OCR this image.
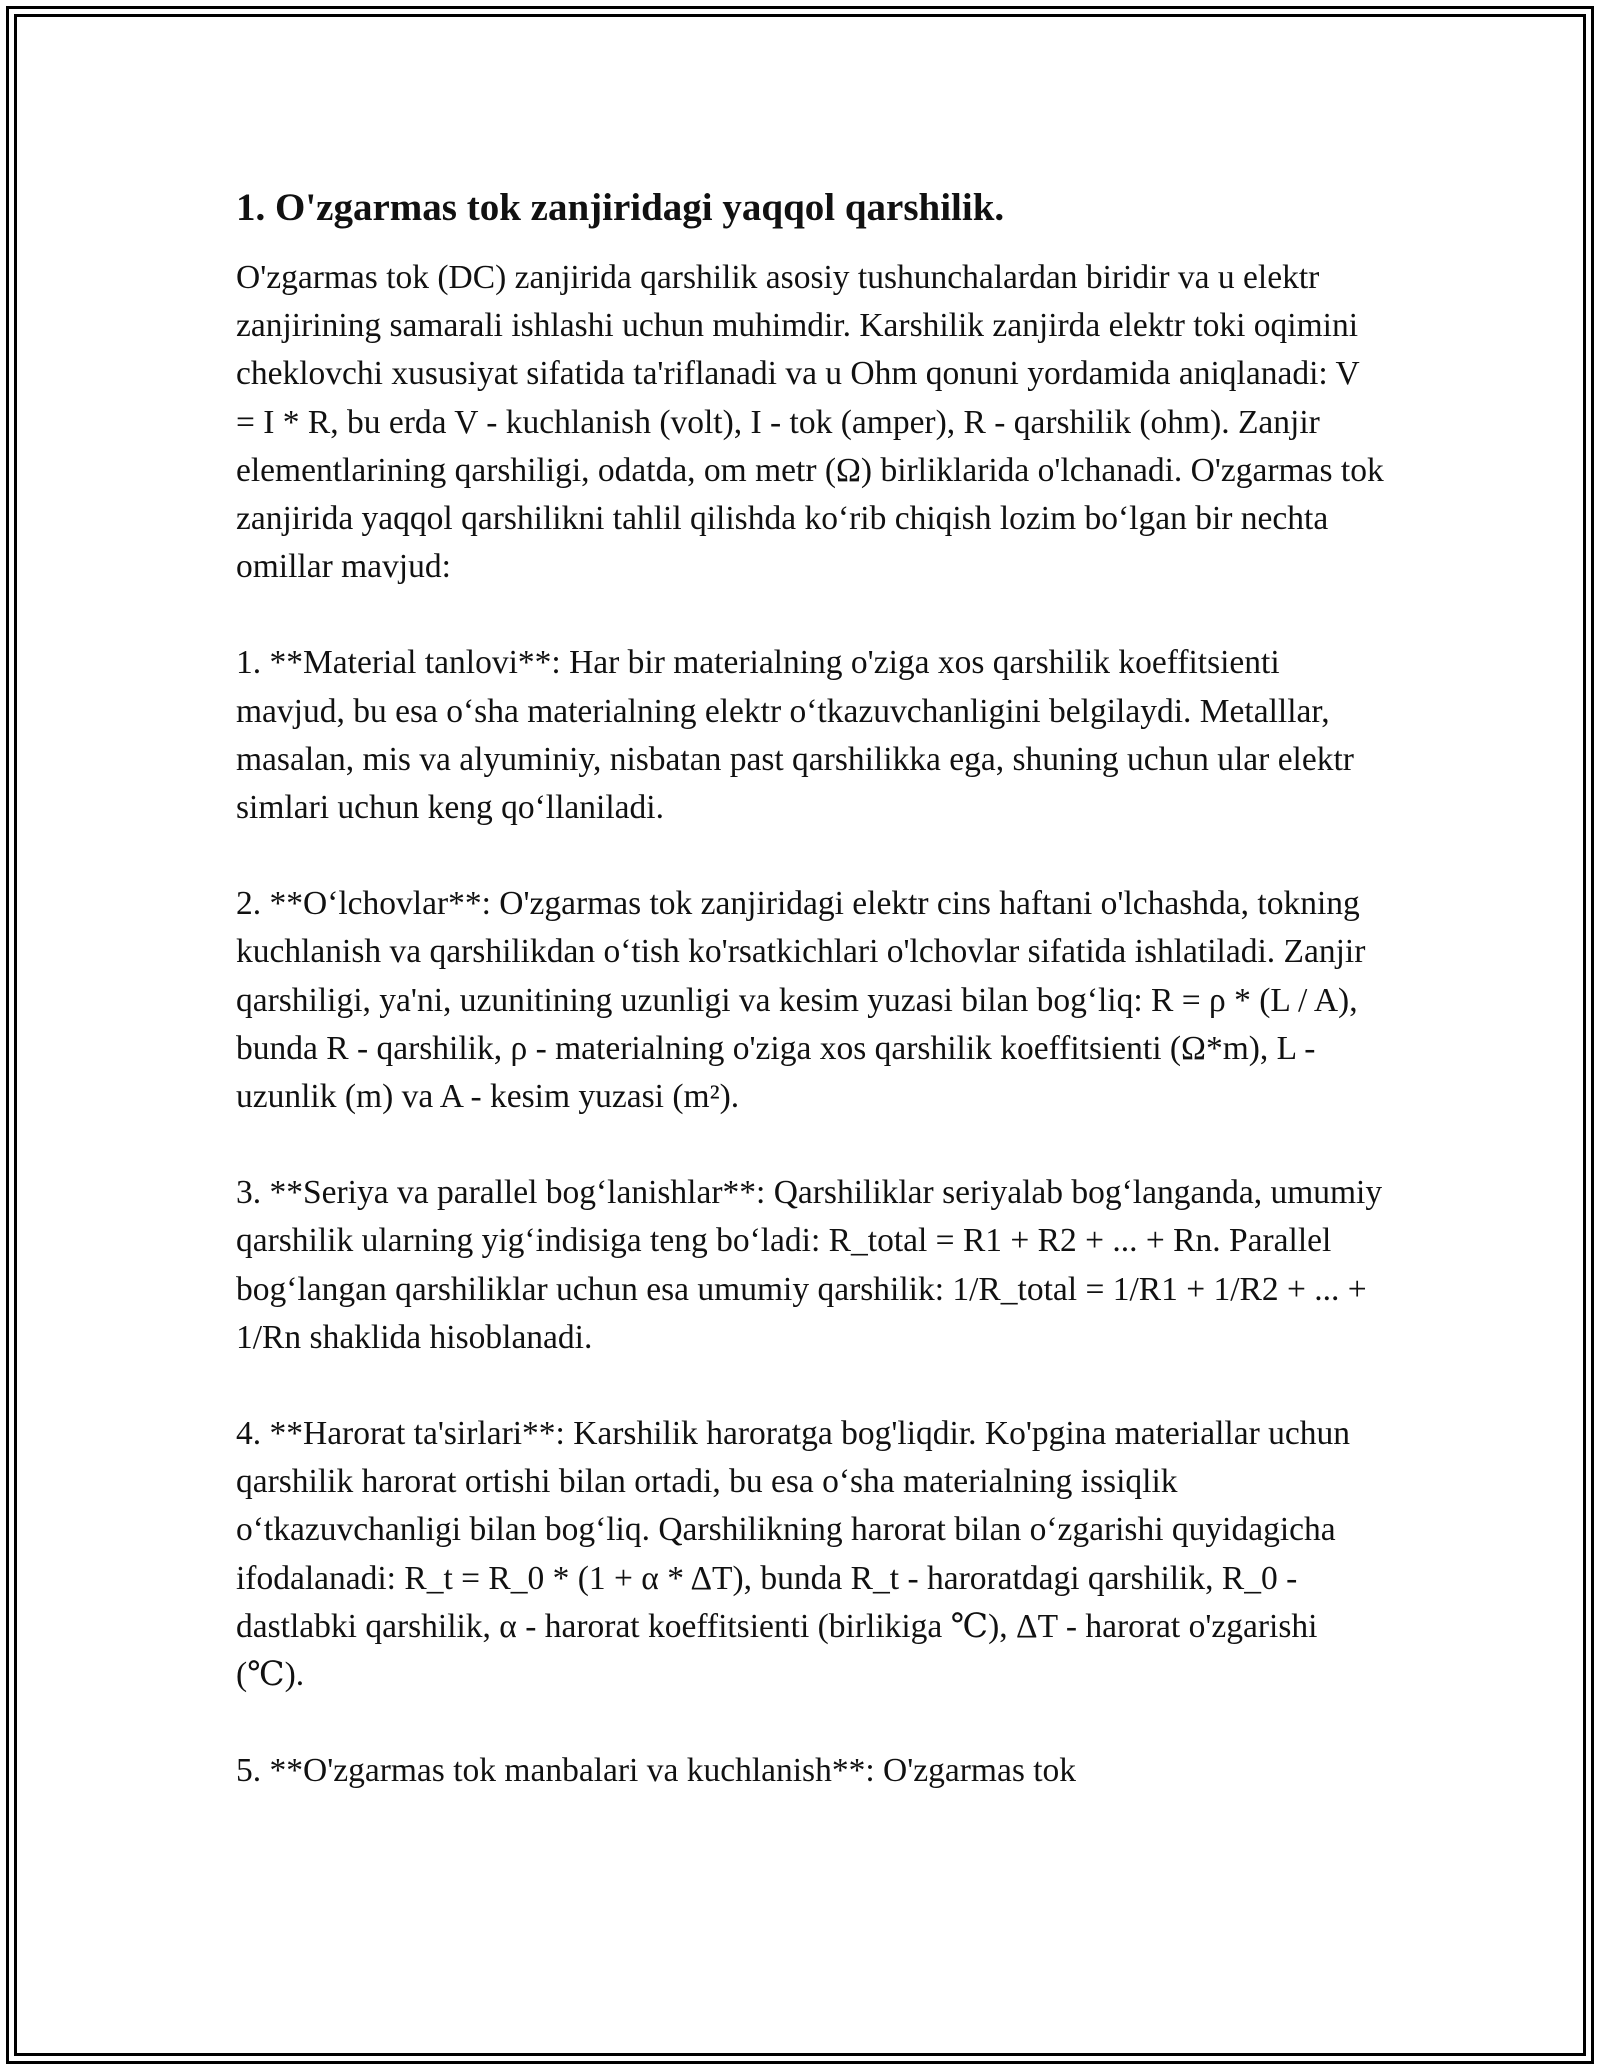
1. O'zgarmas tok zanjiridagi yaqqol qarshilik.
O'zgarmas tok (DC) zanjirida qarshilik asosiy tushunchalardan biridir va u elektr zanjirining samarali ishlashi uchun muhimdir. Karshilik zanjirda elektr toki oqimini cheklovchi xususiyat sifatida ta'riflanadi va u Ohm qonuni yordamida aniqlanadi: V = I * R, bu erda V - kuchlanish (volt), I - tok (amper), R - qarshilik (ohm). Zanjir elementlarining qarshiligi, odatda, om metr (Ω) birliklarida o'lchanadi. O'zgarmas tok zanjirida yaqqol qarshilikni tahlil qilishda ko‘rib chiqish lozim bo‘lgan bir nechta omillar mavjud:
1. **Material tanlovi**: Har bir materialning o'ziga xos qarshilik koeffitsienti mavjud, bu esa o‘sha materialning elektr o‘tkazuvchanligini belgilaydi. Metalllar, masalan, mis va alyuminiy, nisbatan past qarshilikka ega, shuning uchun ular elektr simlari uchun keng qo‘llaniladi.
2. **O‘lchovlar**: O'zgarmas tok zanjiridagi elektr cins haftani o'lchashda, tokning kuchlanish va qarshilikdan o‘tish ko'rsatkichlari o'lchovlar sifatida ishlatiladi. Zanjir qarshiligi, ya'ni, uzunitining uzunligi va kesim yuzasi bilan bog‘liq: R = ρ * (L / A), bunda R - qarshilik, ρ - materialning o'ziga xos qarshilik koeffitsienti (Ω*m), L - uzunlik (m) va A - kesim yuzasi (m²).
3. **Seriya va parallel bog‘lanishlar**: Qarshiliklar seriyalab bog‘langanda, umumiy qarshilik ularning yig‘indisiga teng bo‘ladi: R_total = R1 + R2 + ... + Rn. Parallel bog‘langan qarshiliklar uchun esa umumiy qarshilik: 1/R_total = 1/R1 + 1/R2 + ... + 1/Rn shaklida hisoblanadi.
4. **Harorat ta'sirlari**: Karshilik haroratga bog'liqdir. Ko'pgina materiallar uchun qarshilik harorat ortishi bilan ortadi, bu esa o‘sha materialning issiqlik o‘tkazuvchanligi bilan bog‘liq. Qarshilikning harorat bilan o‘zgarishi quyidagicha ifodalanadi: R_t = R_0 * (1 + α * ΔT), bunda R_t - haroratdagi qarshilik, R_0 - dastlabki qarshilik, α - harorat koeffitsienti (birlikiga ℃), ΔT - harorat o'zgarishi (℃).
5. **O'zgarmas tok manbalari va kuchlanish**: O'zgarmas tok
